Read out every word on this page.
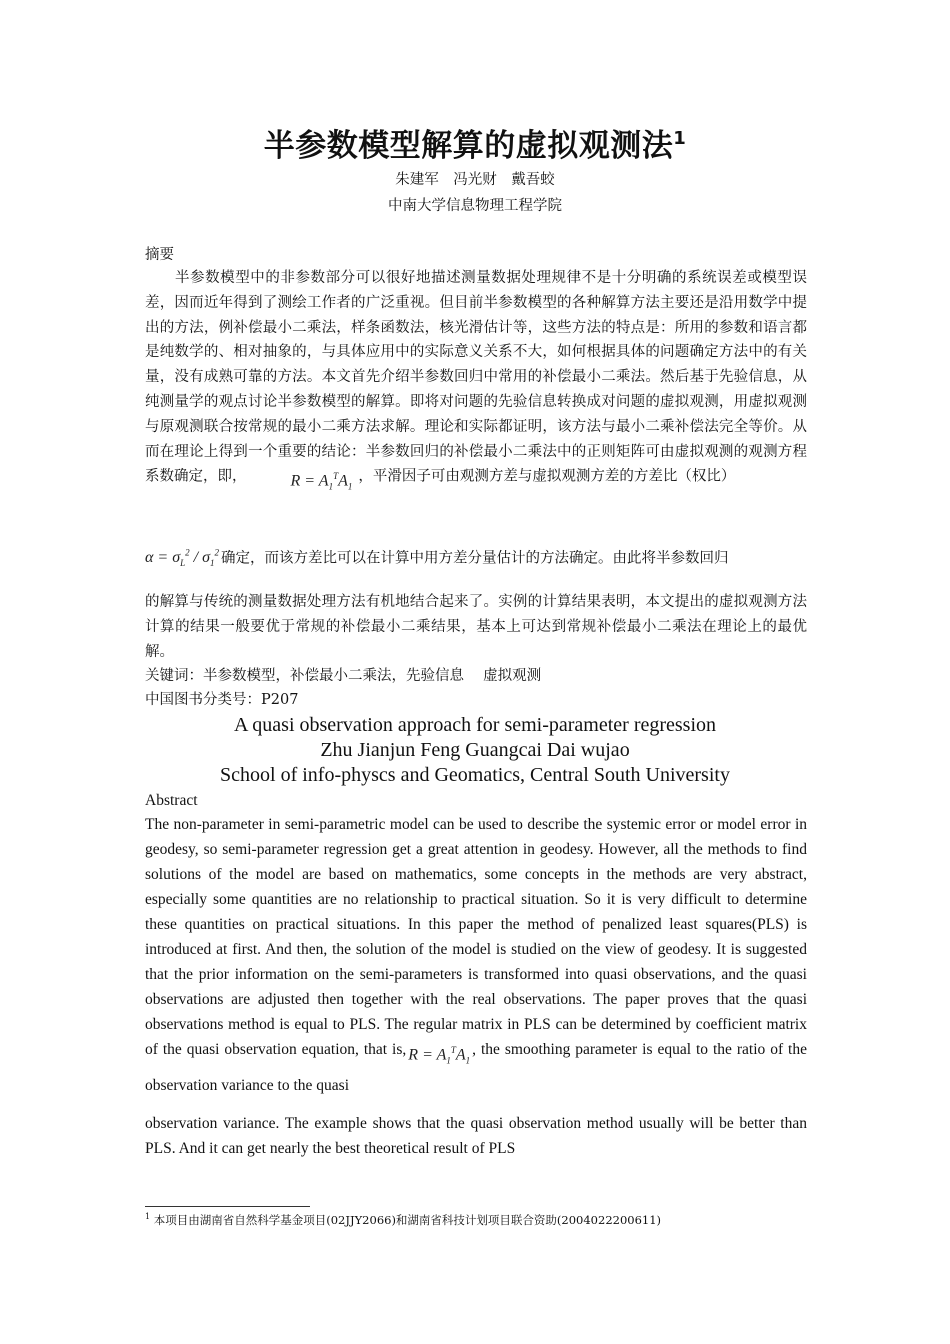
半参数模型解算的虚拟观测法$^1$
朱建军　冯光财　戴吾蛟
中南大学信息物理工程学院
摘要
半参数模型中的非参数部分可以很好地描述测量数据处理规律不是十分明确的系统误差或模型误差，因而近年得到了测绘工作者的广泛重视。但目前半参数模型的各种解算方法主要还是沿用数学中提出的方法，例补偿最小二乘法，样条函数法，核光滑估计等，这些方法的特点是：所用的参数和语言都是纯数学的、相对抽象的，与具体应用中的实际意义关系不大，如何根据具体的问题确定方法中的有关量，没有成熟可靠的方法。本文首先介绍半参数回归中常用的补偿最小二乘法。然后基于先验信息，从纯测量学的观点讨论半参数模型的解算。即将对问题的先验信息转换成对问题的虚拟观测，用虚拟观测与原观测联合按常规的最小二乘方法求解。理论和实际都证明，该方法与最小二乘补偿法完全等价。从而在理论上得到一个重要的结论：半参数回归的补偿最小二乘法中的正则矩阵可由虚拟观测的观测方程系数确定，即，	$R = A_1^TA_1$，平滑因子可由观测方差与虚拟观测方差的方差比（权比）
$\alpha = \sigma_L^2 / \sigma_1^2$ 确定，而该方差比可以在计算中用方差分量估计的方法确定。由此将半参数回归
的解算与传统的测量数据处理方法有机地结合起来了。实例的计算结果表明，本文提出的虚拟观测方法计算的结果一般要优于常规的补偿最小二乘结果，基本上可达到常规补偿最小二乘法在理论上的最优解。
关键词：半参数模型，补偿最小二乘法，先验信息　 虚拟观测
中国图书分类号：P207
A quasi observation approach for semi-parameter regression
Zhu Jianjun Feng Guangcai Dai wujao
School of info-physcs and Geomatics, Central South University
Abstract
The non-parameter in semi-parametric model can be used to describe the systemic error or model error in geodesy, so semi-parameter regression get a great attention in geodesy. However, all the methods to find solutions of the model are based on mathematics, some concepts in the methods are very abstract, especially some quantities are no relationship to practical situation. So it is very difficult to determine these quantities on practical situations. In this paper the method of penalized least squares(PLS) is introduced at first. And then, the solution of the model is studied on the view of geodesy. It is suggested that the prior information on the semi-parameters is transformed into quasi observations, and the quasi observations are adjusted then together with the real observations. The paper proves that the quasi observations method is equal to PLS. The regular matrix in PLS can be determined by coefficient matrix of the quasi observation equation, that is, $R = A_1^TA_1$, the smoothing parameter is equal to the ratio of the observation variance to the quasi
observation variance. The example shows that the quasi observation method usually will be better than PLS. And it can get nearly the best theoretical result of PLS
$^1$ 本项目由湖南省自然科学基金项目(02JJY2066)和湖南省科技计划项目联合资助(2004022200611)
